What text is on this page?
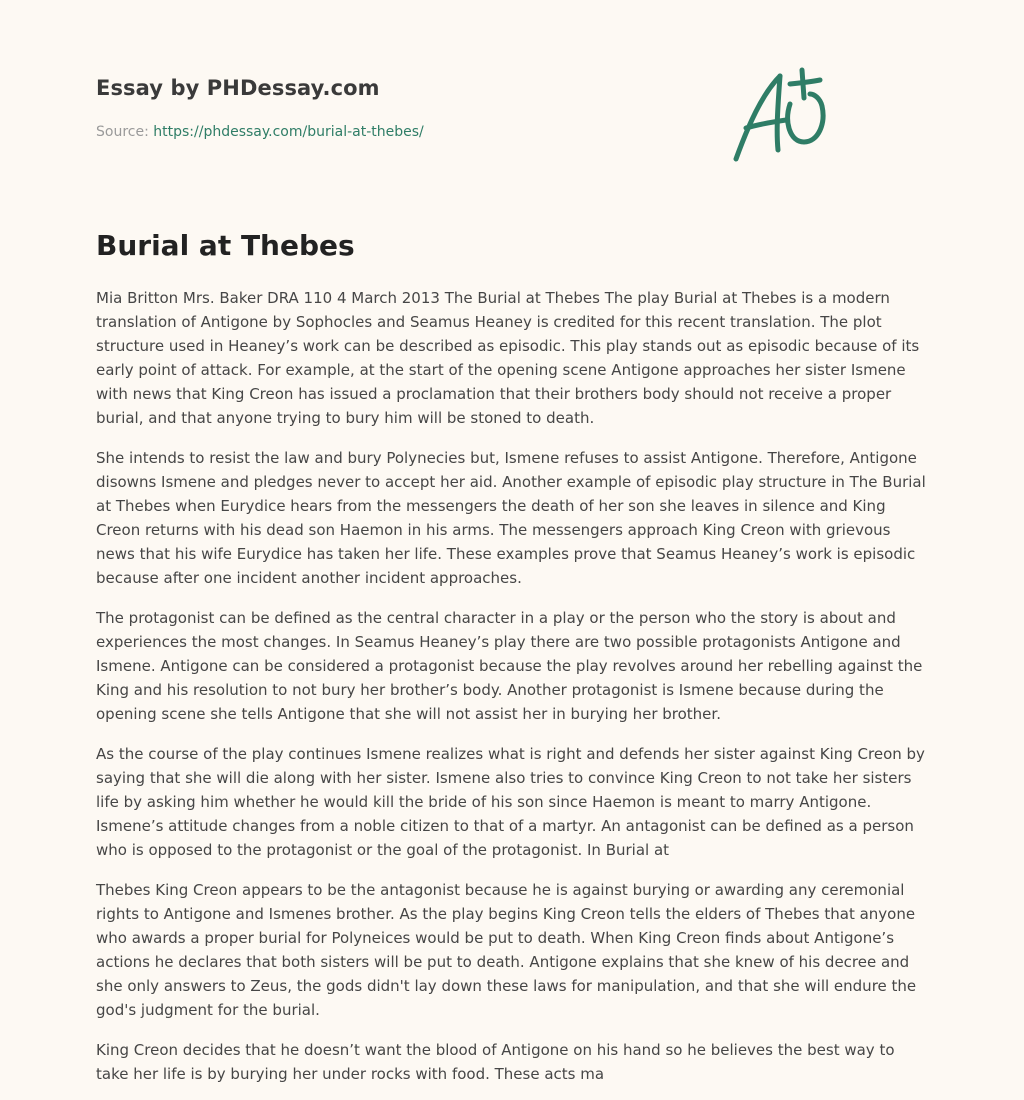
Essay by PHDessay.com
Source: https://phdessay.com/burial-at-thebes/
Burial at Thebes

Mia Britton Mrs. Baker DRA 110 4 March 2013 The Burial at Thebes The play Burial at Thebes is a modern translation of Antigone by Sophocles and Seamus Heaney is credited for this recent translation. The plot structure used in Heaney’s work can be described as episodic. This play stands out as episodic because of its early point of attack. For example, at the start of the opening scene Antigone approaches her sister Ismene with news that King Creon has issued a proclamation that their brothers body should not receive a proper burial, and that anyone trying to bury him will be stoned to death.

She intends to resist the law and bury Polynecies but, Ismene refuses to assist Antigone. Therefore, Antigone disowns Ismene and pledges never to accept her aid. Another example of episodic play structure in The Burial at Thebes when Eurydice hears from the messengers the death of her son she leaves in silence and King Creon returns with his dead son Haemon in his arms. The messengers approach King Creon with grievous news that his wife Eurydice has taken her life. These examples prove that Seamus Heaney’s work is episodic because after one incident another incident approaches.

The protagonist can be defined as the central character in a play or the person who the story is about and experiences the most changes. In Seamus Heaney’s play there are two possible protagonists Antigone and Ismene. Antigone can be considered a protagonist because the play revolves around her rebelling against the King and his resolution to not bury her brother’s body. Another protagonist is Ismene because during the opening scene she tells Antigone that she will not assist her in burying her brother.

As the course of the play continues Ismene realizes what is right and defends her sister against King Creon by saying that she will die along with her sister. Ismene also tries to convince King Creon to not take her sisters life by asking him whether he would kill the bride of his son since Haemon is meant to marry Antigone. Ismene’s attitude changes from a noble citizen to that of a martyr. An antagonist can be defined as a person who is opposed to the protagonist or the goal of the protagonist. In Burial at

Thebes King Creon appears to be the antagonist because he is against burying or awarding any ceremonial rights to Antigone and Ismenes brother. As the play begins King Creon tells the elders of Thebes that anyone who awards a proper burial for Polyneices would be put to death. When King Creon finds about Antigone’s actions he declares that both sisters will be put to death. Antigone explains that she knew of his decree and she only answers to Zeus, the gods didn't lay down these laws for manipulation, and that she will endure the god's judgment for the burial.

King Creon decides that he doesn’t want the blood of Antigone on his hand so he believes the best way to take her life is by burying her under rocks with food. These acts ma
